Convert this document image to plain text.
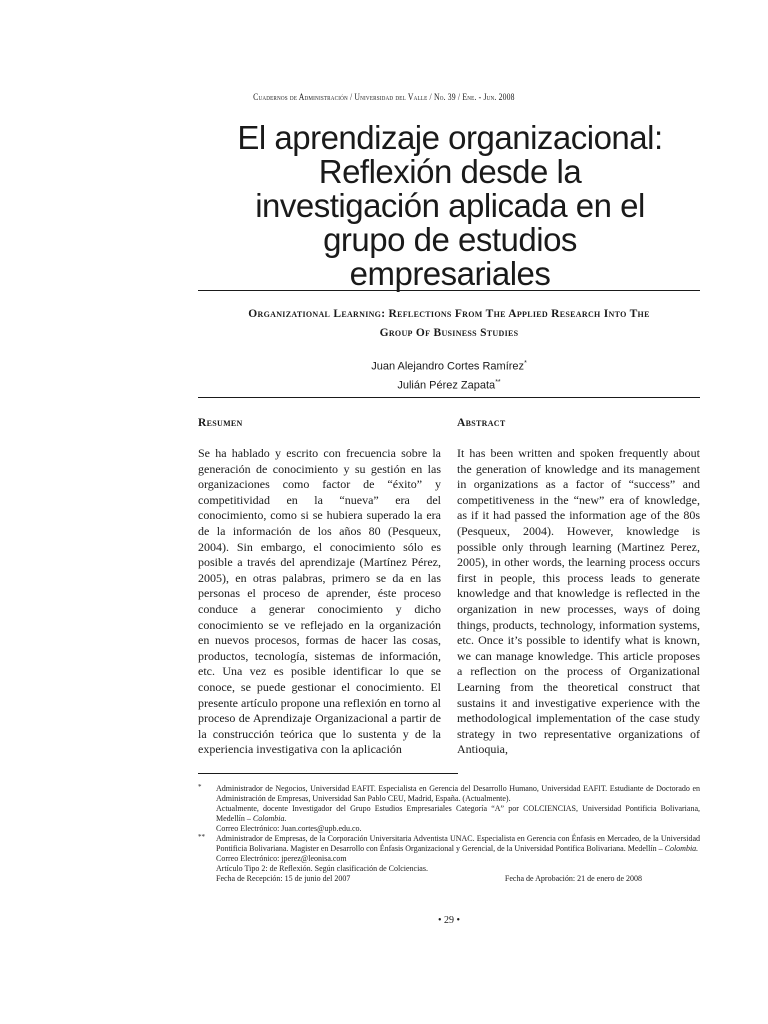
Cuadernos de Administración / Universidad del Valle / No. 39 / Ene. - Jun. 2008
El aprendizaje organizacional:
Reflexión desde la
investigación aplicada en el
grupo de estudios
empresariales
Organizational Learning: Reflections From The Applied Research Into The
Group Of Business Studies
Juan Alejandro Cortes Ramírez*
Julián Pérez Zapata**
Resumen	Abstract

Se ha hablado y escrito con frecuencia sobre la generación de conocimiento y su gestión en las organizaciones como factor de “éxito” y competitividad en la “nueva” era del conocimiento, como si se hubiera superado la era de la información de los años 80 (Pesqueux, 2004). Sin embargo, el conocimiento sólo es posible a través del aprendizaje (Martínez Pérez, 2005), en otras palabras, primero se da en las personas el proceso de aprender, éste proceso conduce a generar conocimiento y dicho conocimiento se ve reflejado en la organización en nuevos procesos, formas de hacer las cosas, productos, tecnología, sistemas de información, etc. Una vez es posible identificar lo que se conoce, se puede gestionar el conocimiento. El presente artículo propone una reflexión en torno al proceso de Aprendizaje Organizacional a partir de la construcción teórica que lo sustenta y de la experiencia investigativa con la aplicación

It has been written and spoken frequently about the generation of knowledge and its management in organizations as a factor of “success” and competitiveness in the “new” era of knowledge, as if it had passed the information age of the 80s (Pesqueux, 2004). However, knowledge is possible only through learning (Martinez Perez, 2005), in other words, the learning process occurs first in people, this process leads to generate knowledge and that knowledge is reflected in the organization in new processes, ways of doing things, products, technology, information systems, etc. Once it’s possible to identify what is known, we can manage knowledge. This article proposes a reflection on the process of Organizational Learning from the theoretical construct that sustains it and investigative experience with the methodological implementation of the case study strategy in two representative organizations of Antioquia,

* Administrador de Negocios, Universidad EAFIT. Especialista en Gerencia del Desarrollo Humano, Universidad EAFIT. Estudiante de Doctorado en Administración de Empresas, Universidad San Pablo CEU, Madrid, España. (Actualmente).

Actualmente, docente Investigador del Grupo Estudios Empresariales Categoría “A” por COLCIENCIAS, Universidad Pontificia Bolivariana, Medellín – Colombia.

Correo Electrónico: Juan.cortes@upb.edu.co.

** Administrador de Empresas, de la Corporación Universitaria Adventista UNAC. Especialista en Gerencia con Énfasis en Mercadeo, de la Universidad Pontificia Bolivariana. Magister en Desarrollo con Énfasis Organizacional y Gerencial, de la Universidad Pontifica Bolivariana. Medellín – Colombia.

Correo Electrónico: jperez@leonisa.com

Artículo Tipo 2: de Reflexión. Según clasificación de Colciencias.

Fecha de Recepción: 15 de junio del 2007	Fecha de Aprobación: 21 de enero de 2008
• 29 •
